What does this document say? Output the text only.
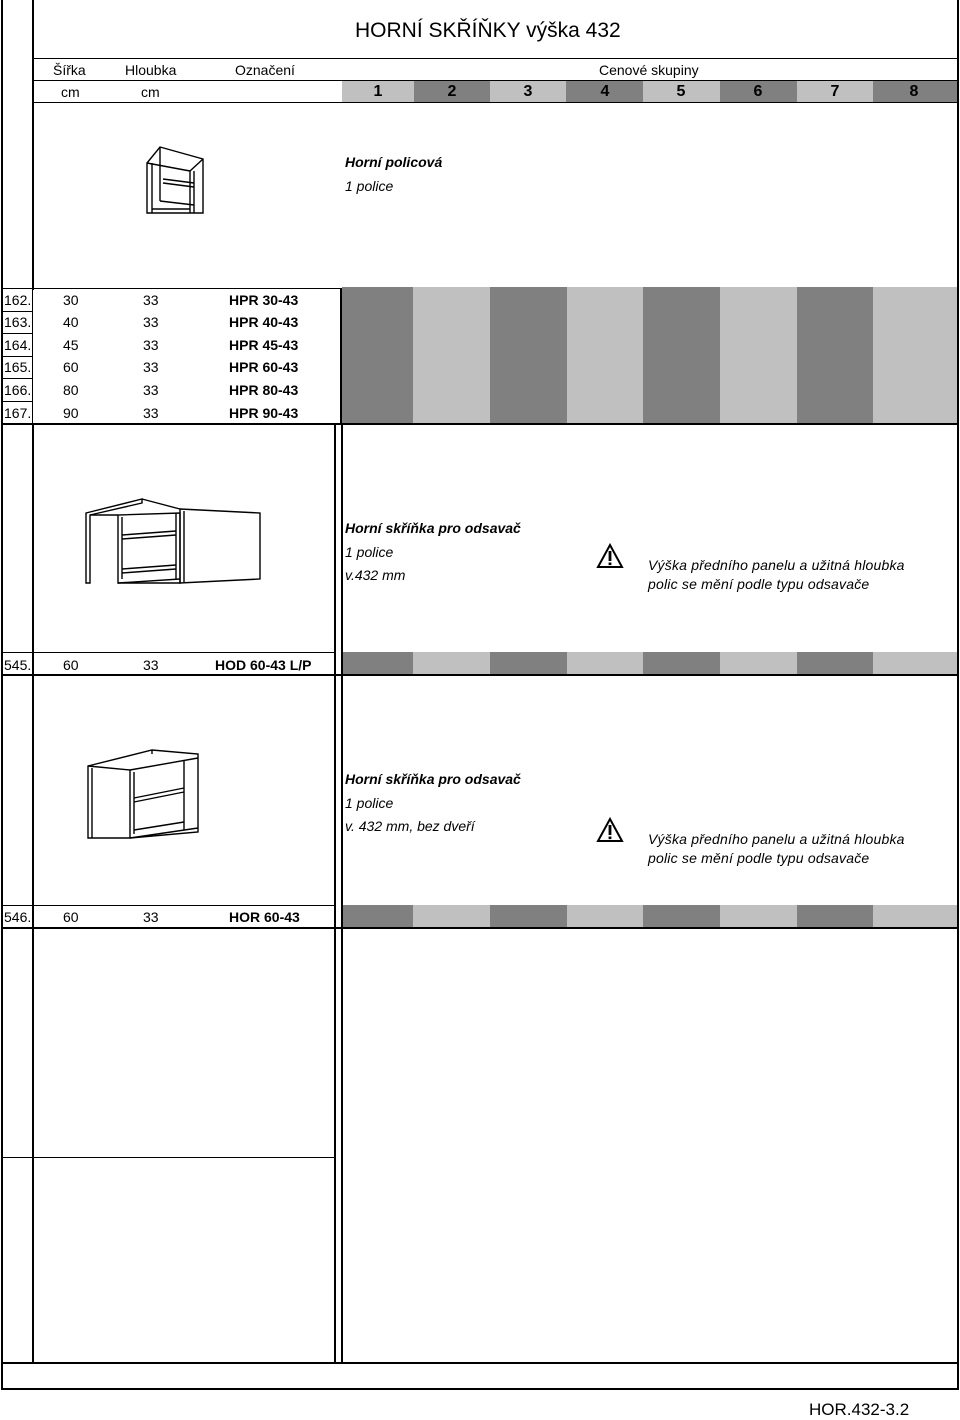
HORNÍ SKŘÍŇKY výška 432
Šířka	Hloubka	Označení	Cenové skupiny
cm	cm	1	2	3	4	5	6	7	8
Horní policová
1 police
162. 30	33	HPR 30-43
163. 40	33	HPR 40-43
164. 45	33	HPR 45-43
165. 60	33	HPR 60-43
166. 80	33	HPR 80-43
167. 90	33	HPR 90-43
Horní skříňka pro odsavač
1 police
v.432 mm
Výška předního panelu a užitná hloubka
polic se mění podle typu odsavače
545. 60	33	HOD 60-43 L/P
Horní skříňka pro odsavač
1 police
v. 432 mm, bez dveří
Výška předního panelu a užitná hloubka
polic se mění podle typu odsavače
546. 60	33	HOR 60-43
HOR.432-3.2
